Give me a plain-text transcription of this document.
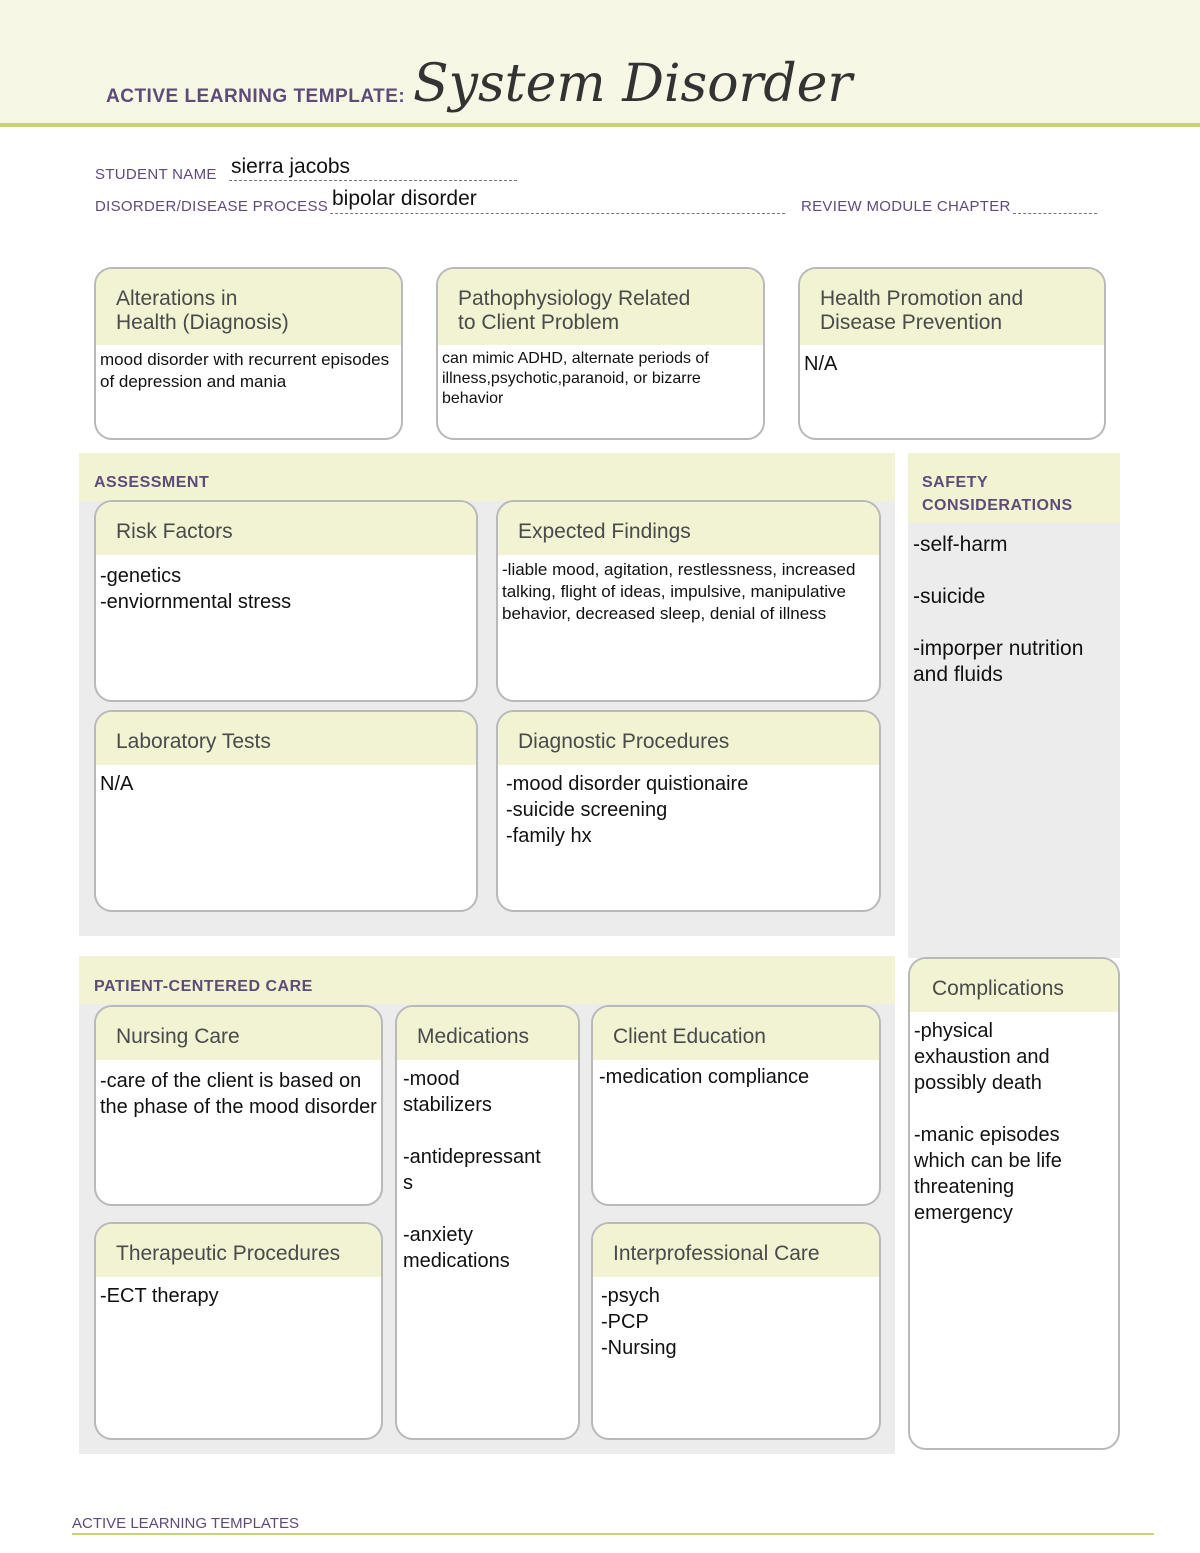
ACTIVE LEARNING TEMPLATE: System Disorder
STUDENT NAME sierra jacobs
DISORDER/DISEASE PROCESS bipolar disorder	REVIEW MODULE CHAPTER
Alterations in
Health (Diagnosis)
mood disorder with recurrent episodes of depression and mania
Pathophysiology Related
to Client Problem
can mimic ADHD, alternate periods of illness,psychotic,paranoid, or bizarre behavior
Health Promotion and
Disease Prevention
N/A
ASSESSMENT
Risk Factors
-genetics
-enviornmental stress
Expected Findings
-liable mood, agitation, restlessness, increased talking, flight of ideas, impulsive, manipulative behavior, decreased sleep, denial of illness
Laboratory Tests
N/A
Diagnostic Procedures
-mood disorder quistionaire
-suicide screening
-family hx
SAFETY
CONSIDERATIONS
-self-harm

-suicide

-imporper nutrition and fluids
PATIENT-CENTERED CARE
Nursing Care
-care of the client is based on the phase of the mood disorder
Medications
-mood
stabilizers

-antidepressant
s

-anxiety
medications
Client Education
-medication compliance
Therapeutic Procedures
-ECT therapy
Interprofessional Care
-psych
-PCP
-Nursing
Complications
-physical
exhaustion and
possibly death

-manic episodes
which can be life
threatening
emergency
ACTIVE LEARNING TEMPLATES
